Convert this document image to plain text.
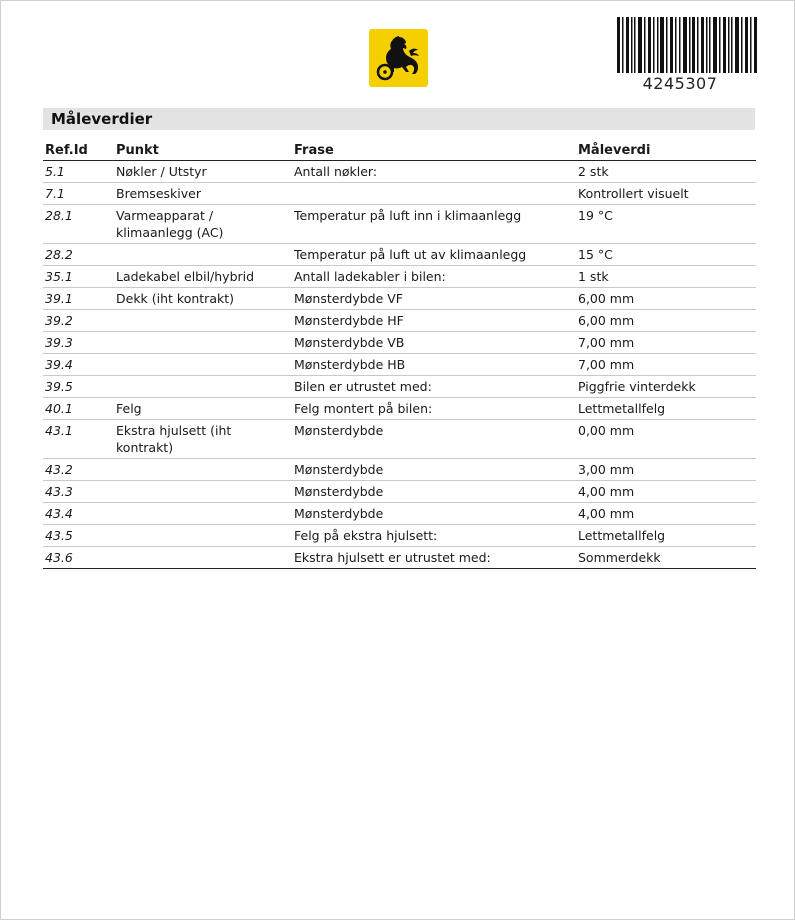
4245307
Måleverdier
Ref.Id	Punkt	Frase	Måleverdi
5.1	Nøkler / Utstyr	Antall nøkler:	2 stk
7.1	Bremseskiver		Kontrollert visuelt
28.1	Varmeapparat / klimaanlegg (AC)	Temperatur på luft inn i klimaanlegg	19 °C
28.2		Temperatur på luft ut av klimaanlegg	15 °C
35.1	Ladekabel elbil/hybrid	Antall ladekabler i bilen:	1 stk
39.1	Dekk (iht kontrakt)	Mønsterdybde VF	6,00 mm
39.2		Mønsterdybde HF	6,00 mm
39.3		Mønsterdybde VB	7,00 mm
39.4		Mønsterdybde HB	7,00 mm
39.5		Bilen er utrustet med:	Piggfrie vinterdekk
40.1	Felg	Felg montert på bilen:	Lettmetallfelg
43.1	Ekstra hjulsett (iht kontrakt)	Mønsterdybde	0,00 mm
43.2		Mønsterdybde	3,00 mm
43.3		Mønsterdybde	4,00 mm
43.4		Mønsterdybde	4,00 mm
43.5		Felg på ekstra hjulsett:	Lettmetallfelg
43.6		Ekstra hjulsett er utrustet med:	Sommerdekk
